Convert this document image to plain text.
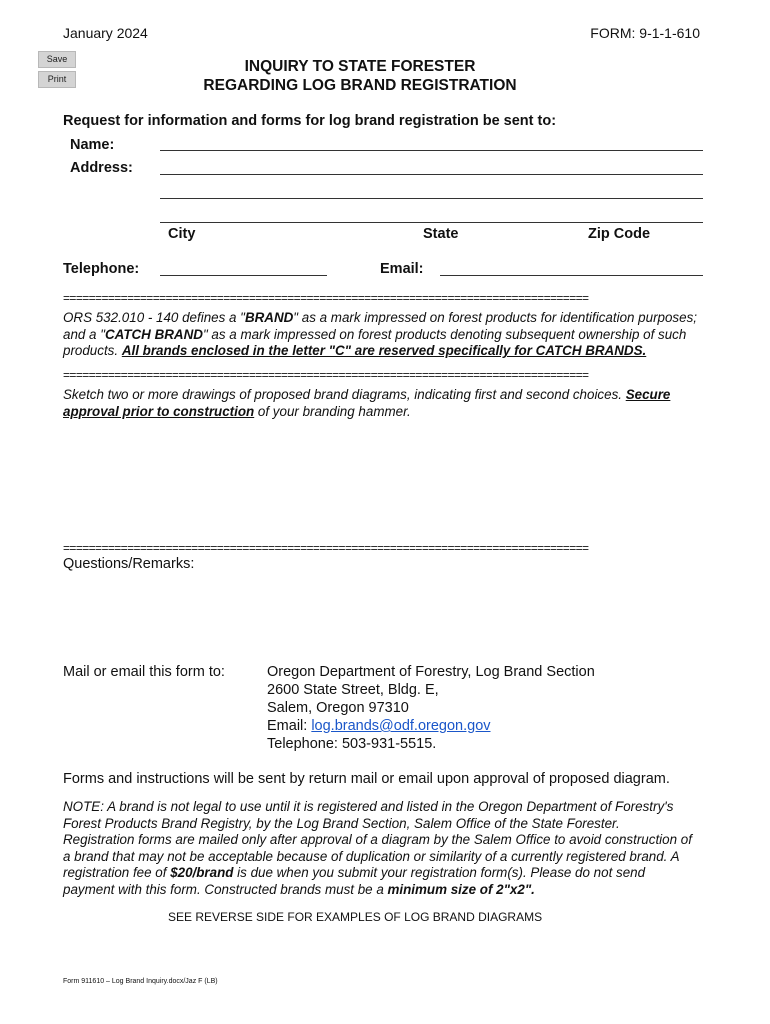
January 2024	FORM: 9-1-1-610
Save
Print
INQUIRY TO STATE FORESTER
REGARDING LOG BRAND REGISTRATION
Request for information and forms for log brand registration be sent to:
Name:
Address:
City	State	Zip Code
Telephone:	Email:
==================================================================================
ORS 532.010 - 140 defines a "BRAND" as a mark impressed on forest products for identification purposes;
and a "CATCH BRAND" as a mark impressed on forest products denoting subsequent ownership of such
products. All brands enclosed in the letter "C" are reserved specifically for CATCH BRANDS.
==================================================================================
Sketch two or more drawings of proposed brand diagrams, indicating first and second choices. Secure
approval prior to construction of your branding hammer.
==================================================================================
Questions/Remarks:
Mail or email this form to:	Oregon Department of Forestry, Log Brand Section
2600 State Street, Bldg. E,
Salem, Oregon 97310
Email: log.brands@odf.oregon.gov
Telephone: 503-931-5515.
Forms and instructions will be sent by return mail or email upon approval of proposed diagram.
NOTE: A brand is not legal to use until it is registered and listed in the Oregon Department of Forestry's
Forest Products Brand Registry, by the Log Brand Section, Salem Office of the State Forester.
Registration forms are mailed only after approval of a diagram by the Salem Office to avoid construction of
a brand that may not be acceptable because of duplication or similarity of a currently registered brand. A
registration fee of $20/brand is due when you submit your registration form(s). Please do not send
payment with this form. Constructed brands must be a minimum size of 2"x2".
SEE REVERSE SIDE FOR EXAMPLES OF LOG BRAND DIAGRAMS
Form 911610 – Log Brand Inquiry.docx/Jaz F (LB)
